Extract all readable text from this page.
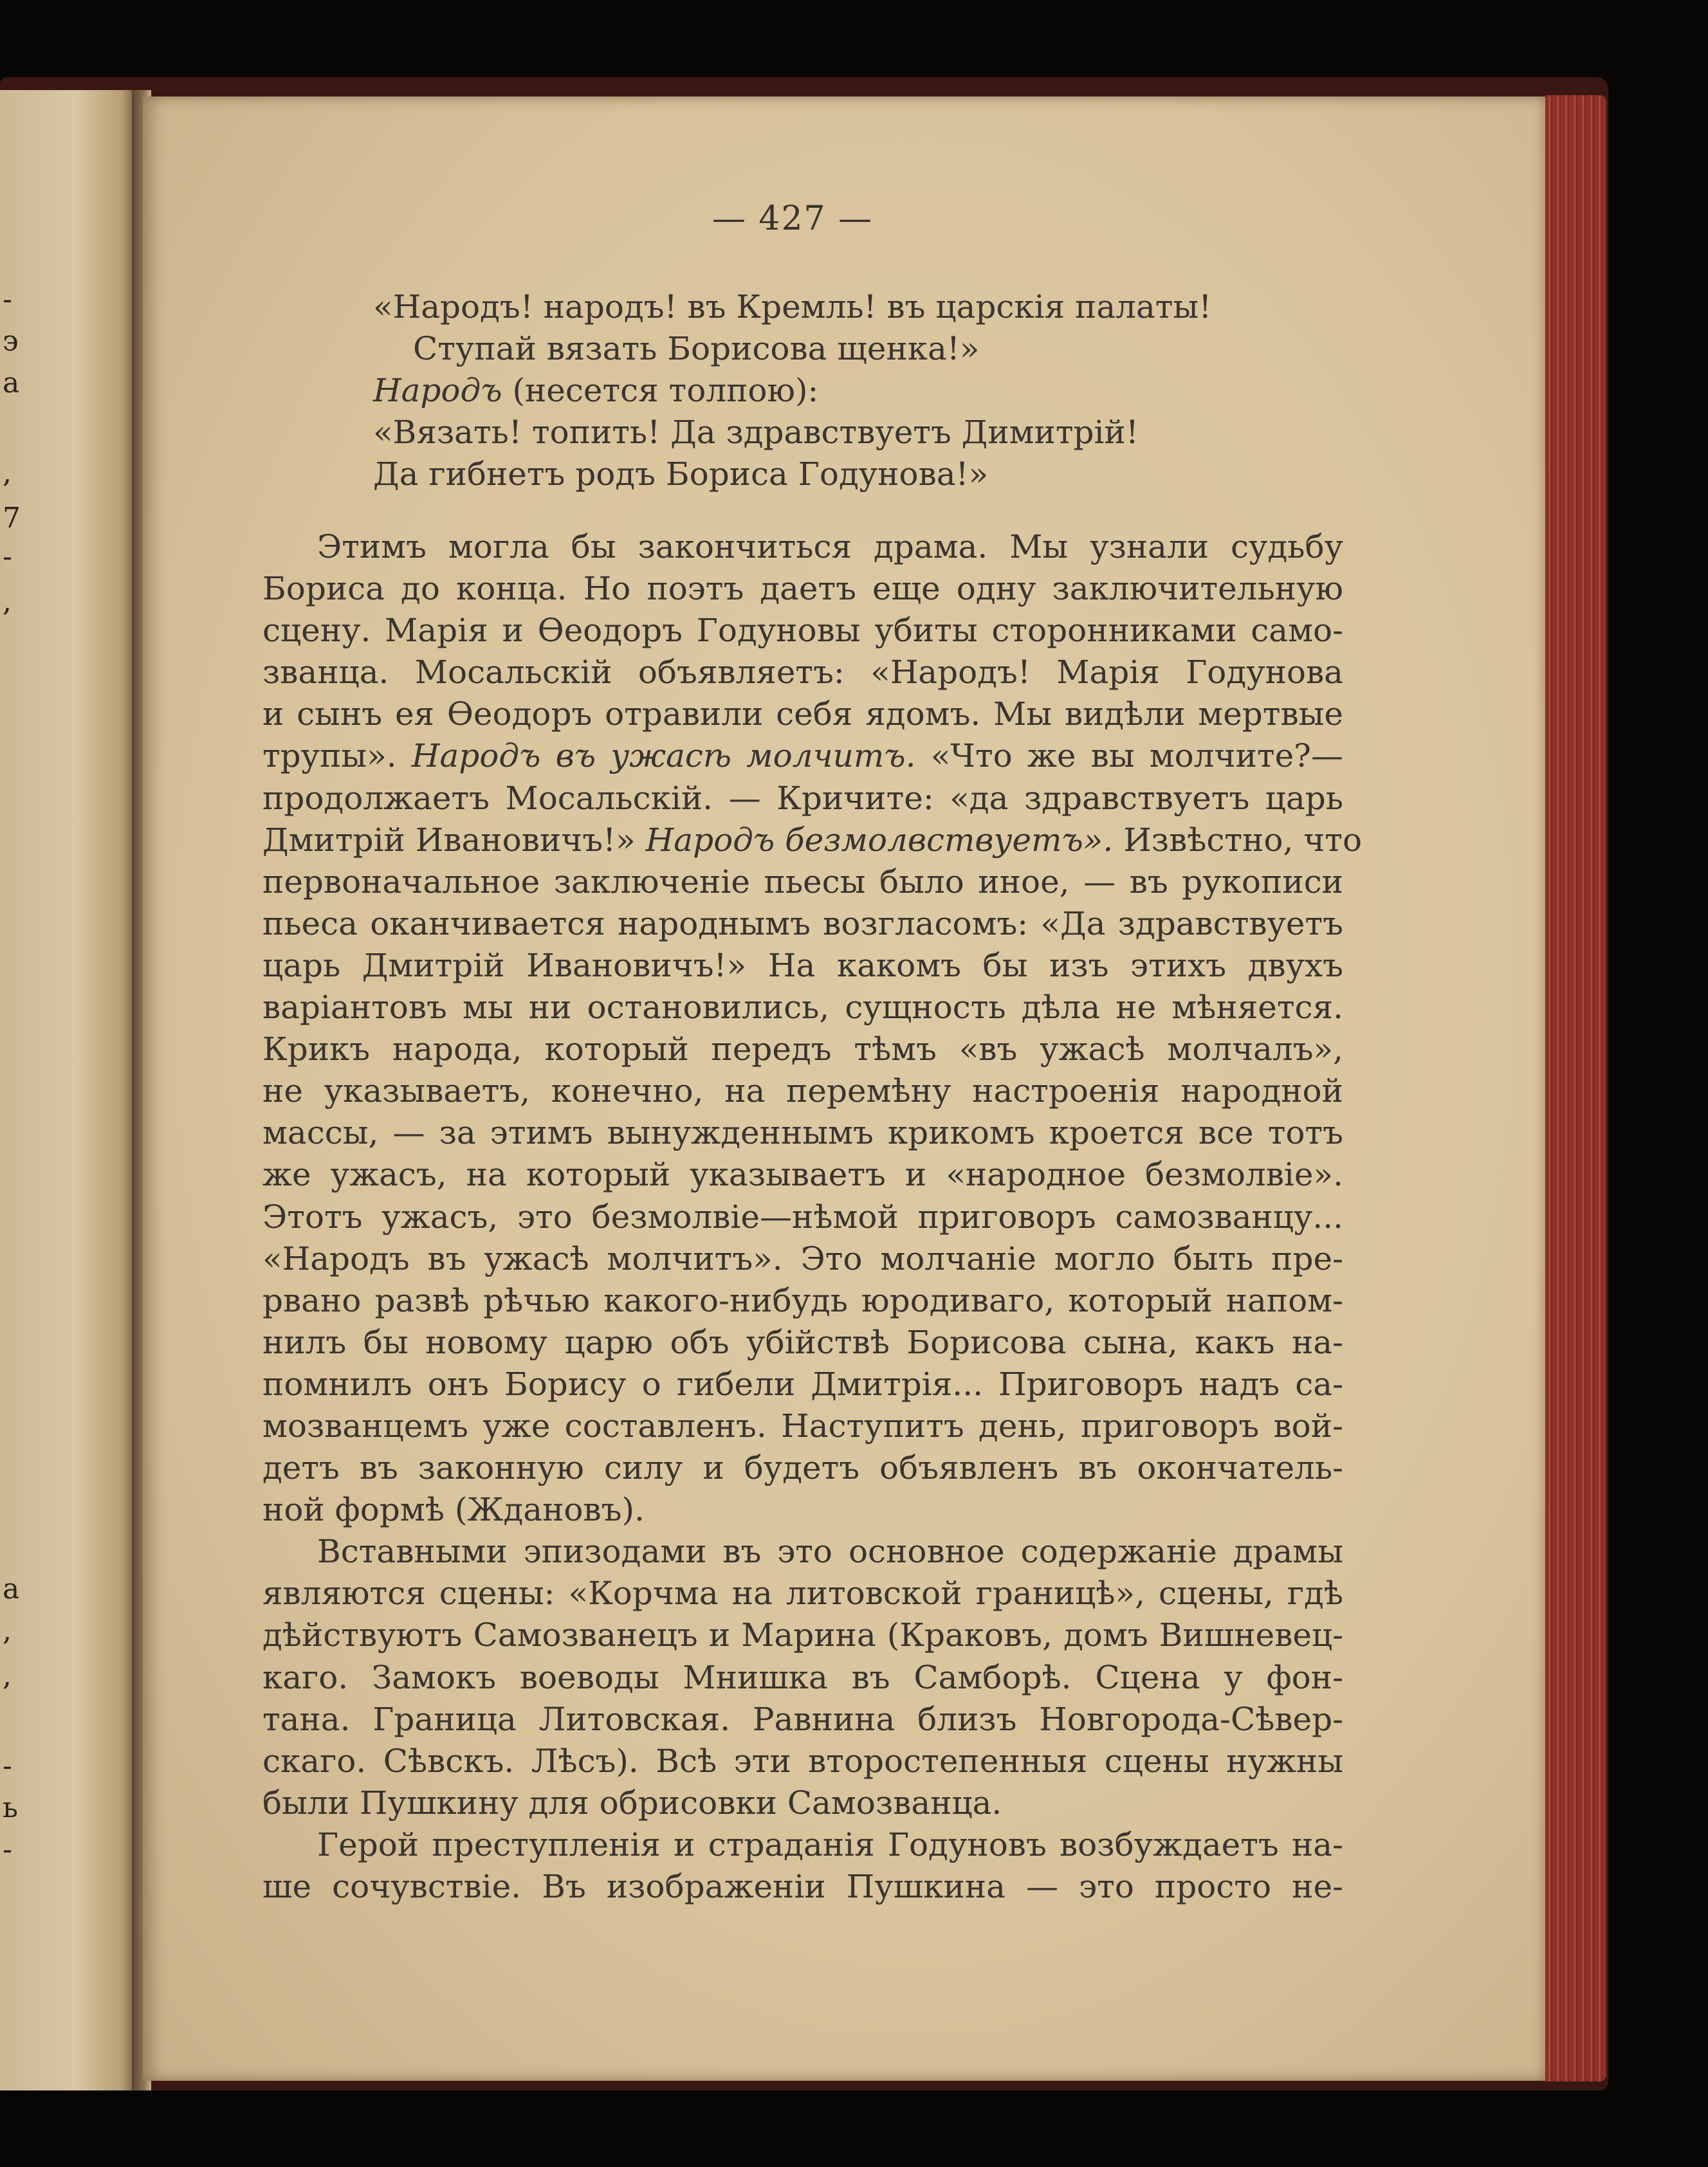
-
э
а
,
7
-
,
а
,
,
-
ь
-
— 427 —
«Народъ! народъ! въ Кремль! въ царскія палаты!
Ступай вязать Борисова щенка!»
Народъ (несется толпою):
«Вязать! топить! Да здравствуетъ Димитрій!
Да гибнетъ родъ Бориса Годунова!»
Этимъ могла бы закончиться драма. Мы узнали судьбу
Бориса до конца. Но поэтъ даетъ еще одну заключительную
сцену. Марія и Өеодоръ Годуновы убиты сторонниками само-
званца. Мосальскій объявляетъ: «Народъ! Марія Годунова
и сынъ ея Өеодоръ отравили себя ядомъ. Мы видѣли мертвые
трупы». Народъ въ ужасѣ молчитъ. «Что же вы молчите?—
продолжаетъ Мосальскій. — Кричите: «да здравствуетъ царь
Дмитрій Ивановичъ!» Народъ безмолвствуетъ». Извѣстно, что
первоначальное заключеніе пьесы было иное, — въ рукописи
пьеса оканчивается народнымъ возгласомъ: «Да здравствуетъ
царь Дмитрій Ивановичъ!» На какомъ бы изъ этихъ двухъ
варіантовъ мы ни остановились, сущность дѣла не мѣняется.
Крикъ народа, который передъ тѣмъ «въ ужасѣ молчалъ»,
не указываетъ, конечно, на перемѣну настроенія народной
массы, — за этимъ вынужденнымъ крикомъ кроется все тотъ
же ужасъ, на который указываетъ и «народное безмолвіе».
Этотъ ужасъ, это безмолвіе—нѣмой приговоръ самозванцу...
«Народъ въ ужасѣ молчитъ». Это молчаніе могло быть пре-
рвано развѣ рѣчью какого-нибудь юродиваго, который напом-
нилъ бы новому царю объ убійствѣ Борисова сына, какъ на-
помнилъ онъ Борису о гибели Дмитрія... Приговоръ надъ са-
мозванцемъ уже составленъ. Наступитъ день, приговоръ вой-
детъ въ законную силу и будетъ объявленъ въ окончатель-
ной формѣ (Ждановъ).
Вставными эпизодами въ это основное содержаніе драмы
являются сцены: «Корчма на литовской границѣ», сцены, гдѣ
дѣйствуютъ Самозванецъ и Марина (Краковъ, домъ Вишневец-
каго. Замокъ воеводы Мнишка въ Самборѣ. Сцена у фон-
тана. Граница Литовская. Равнина близъ Новгорода-Сѣвер-
скаго. Сѣвскъ. Лѣсъ). Всѣ эти второстепенныя сцены нужны
были Пушкину для обрисовки Самозванца.
Герой преступленія и страданія Годуновъ возбуждаетъ на-
ше сочувствіе. Въ изображеніи Пушкина — это просто не-
